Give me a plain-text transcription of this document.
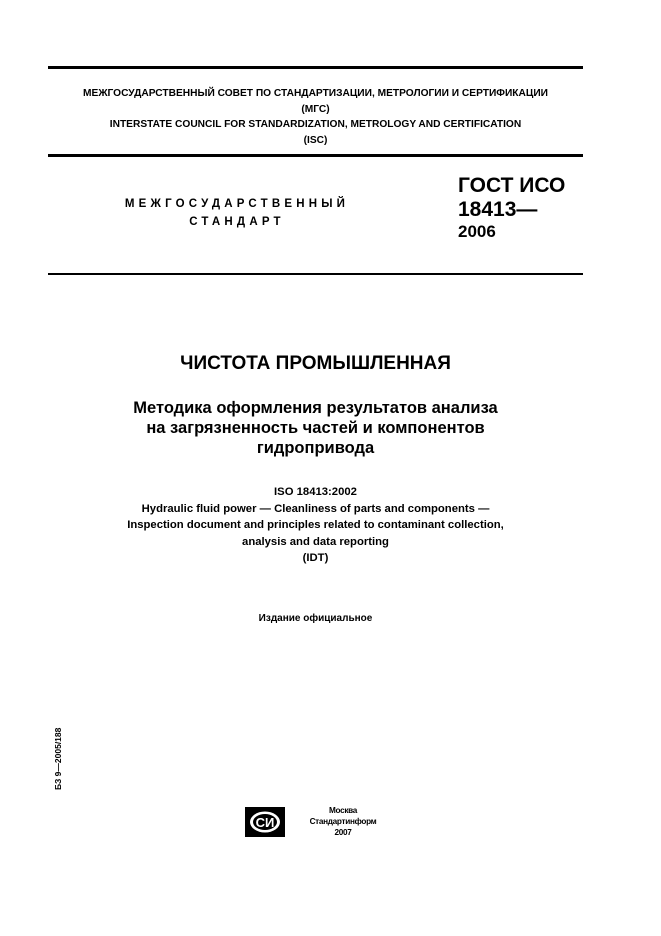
МЕЖГОСУДАРСТВЕННЫЙ СОВЕТ ПО СТАНДАРТИЗАЦИИ, МЕТРОЛОГИИ И СЕРТИФИКАЦИИ
(МГС)
INTERSTATE COUNCIL FOR STANDARDIZATION, METROLOGY AND CERTIFICATION
(ISC)
МЕЖГОСУДАРСТВЕННЫЙ
СТАНДАРТ
ГОСТ ИСО
18413—
2006
ЧИСТОТА ПРОМЫШЛЕННАЯ
Методика оформления результатов анализа
на загрязненность частей и компонентов
гидропривода
ISO 18413:2002
Hydraulic fluid power — Cleanliness of parts and components —
Inspection document and principles related to contaminant collection,
analysis and data reporting
(IDT)
Издание официальное
БЗ 9—2005/188
СИ
Москва
Стандартинформ
2007
